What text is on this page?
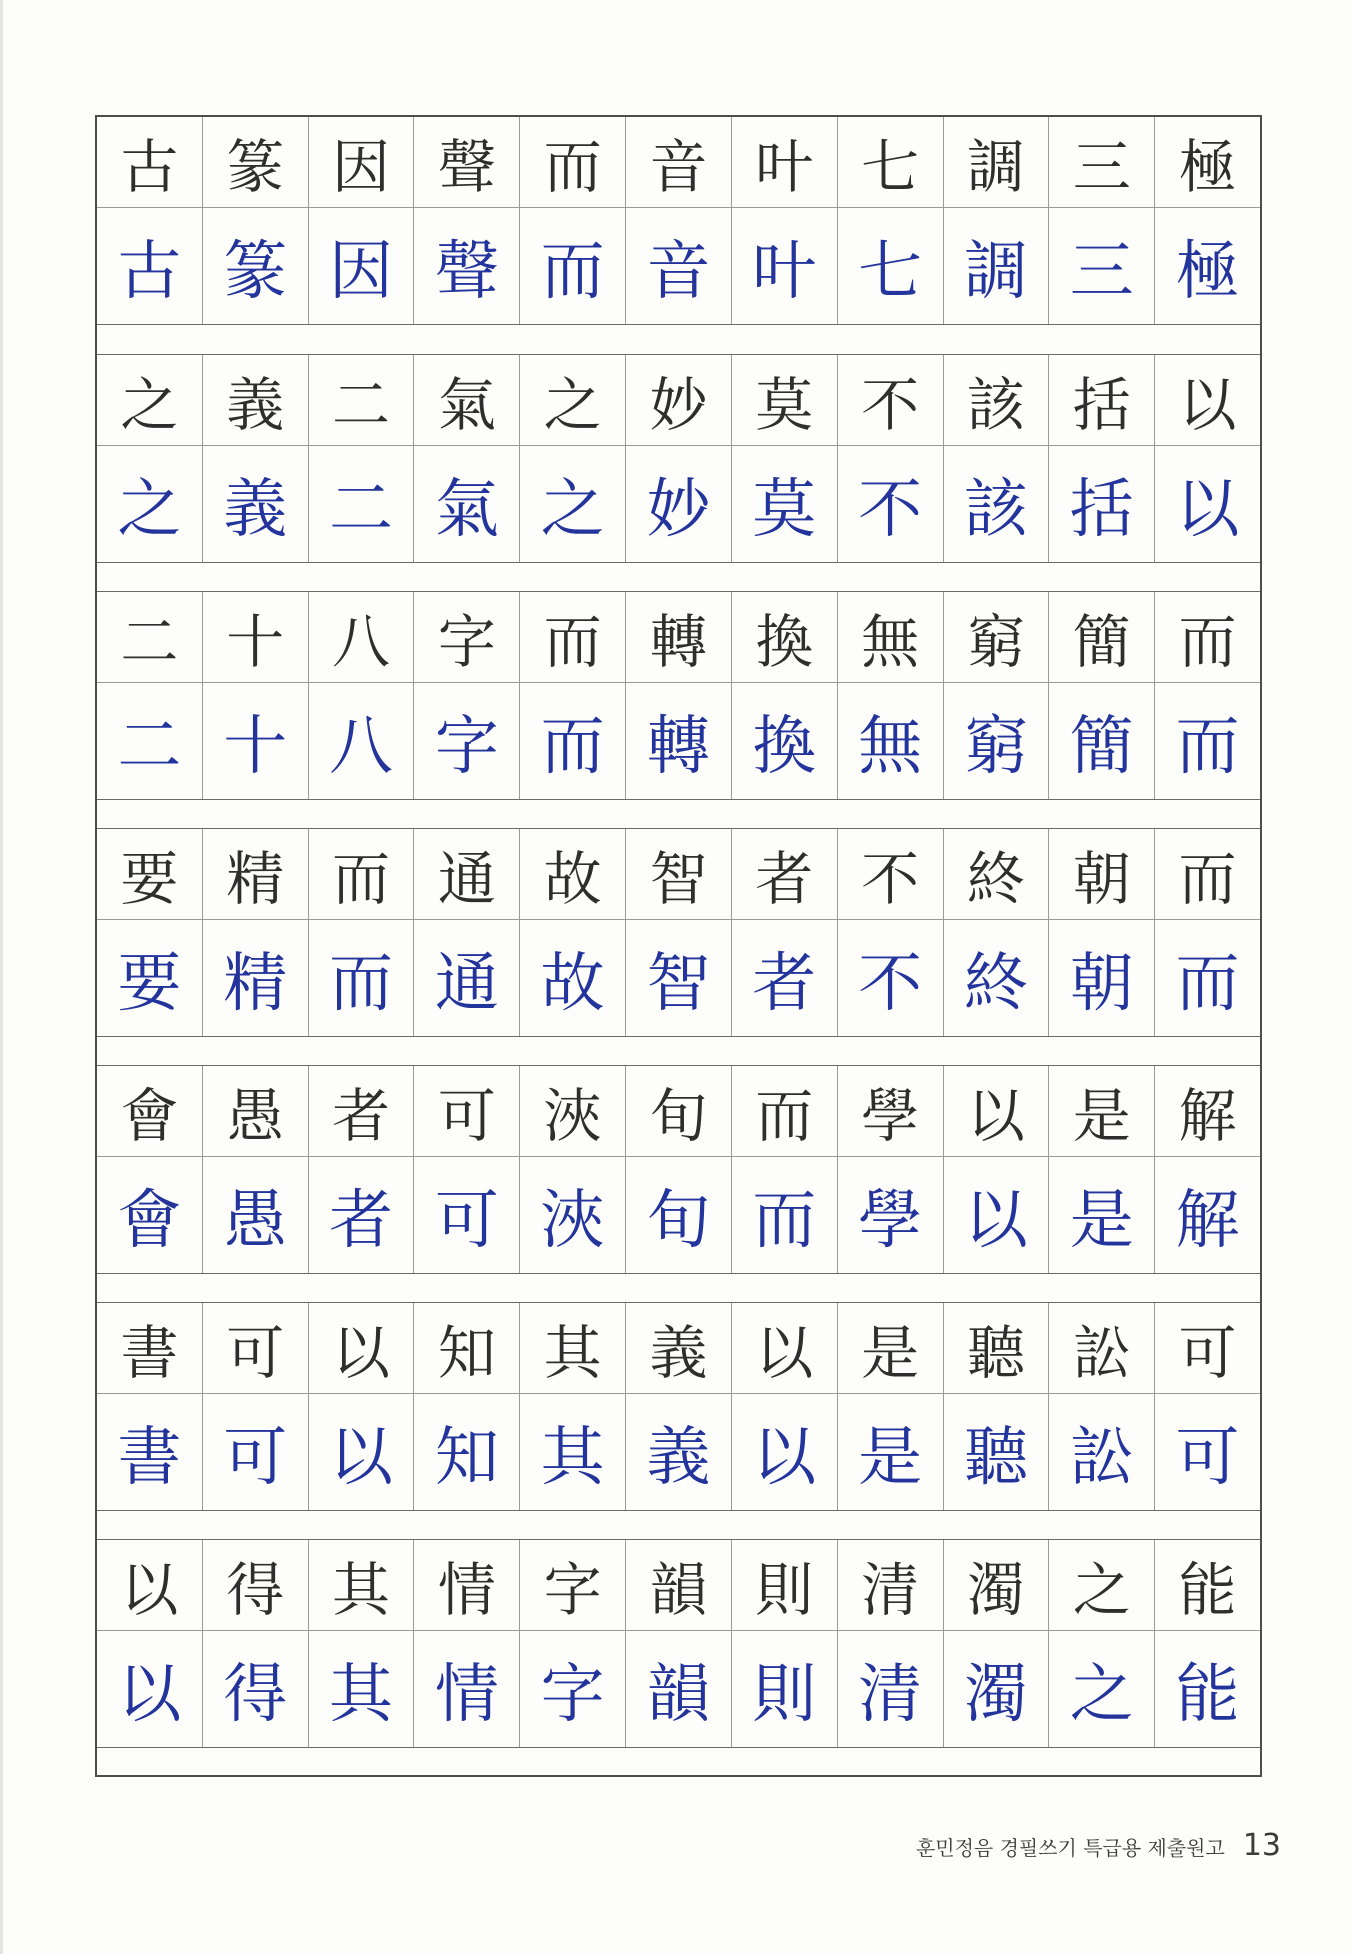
古 篆 因 聲 而 音 叶 七 調 三 極
古 篆 因 聲 而 音 叶 七 調 三 極
之 義 二 氣 之 妙 莫 不 該 括 以
之 義 二 氣 之 妙 莫 不 該 括 以
二 十 八 字 而 轉 換 無 窮 簡 而
二 十 八 字 而 轉 換 無 窮 簡 而
要 精 而 通 故 智 者 不 終 朝 而
要 精 而 通 故 智 者 不 終 朝 而
會 愚 者 可 浹 旬 而 學 以 是 解
會 愚 者 可 浹 旬 而 學 以 是 解
書 可 以 知 其 義 以 是 聽 訟 可
書 可 以 知 其 義 以 是 聽 訟 可
以 得 其 情 字 韻 則 清 濁 之 能
以 得 其 情 字 韻 則 清 濁 之 能
훈민정음 경필쓰기 특급용 제출원고 13
